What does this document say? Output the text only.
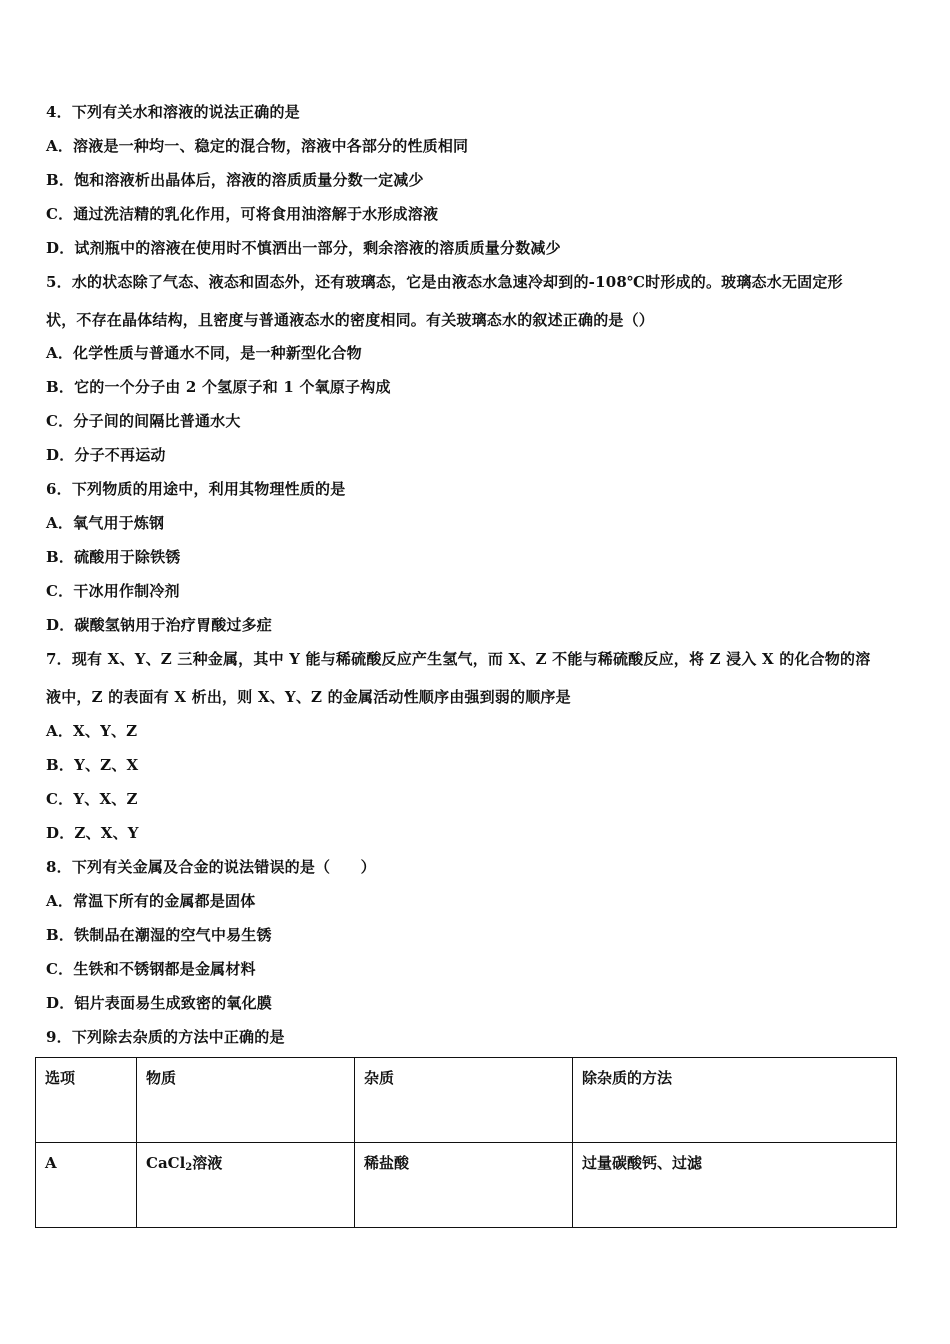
4．下列有关水和溶液的说法正确的是
A．溶液是一种均一、稳定的混合物，溶液中各部分的性质相同
B．饱和溶液析出晶体后，溶液的溶质质量分数一定减少
C．通过洗洁精的乳化作用，可将食用油溶解于水形成溶液
D．试剂瓶中的溶液在使用时不慎洒出一部分，剩余溶液的溶质质量分数减少
5．水的状态除了气态、液态和固态外，还有玻璃态，它是由液态水急速冷却到的-108℃时形成的。玻璃态水无固定形
状，不存在晶体结构，且密度与普通液态水的密度相同。有关玻璃态水的叙述正确的是（）
A．化学性质与普通水不同，是一种新型化合物
B．它的一个分子由 2 个氢原子和 1 个氧原子构成
C．分子间的间隔比普通水大
D．分子不再运动
6．下列物质的用途中，利用其物理性质的是
A．氧气用于炼钢
B．硫酸用于除铁锈
C．干冰用作制冷剂
D．碳酸氢钠用于治疗胃酸过多症
7．现有 X、Y、Z 三种金属，其中 Y 能与稀硫酸反应产生氢气，而 X、Z 不能与稀硫酸反应，将 Z 浸入 X 的化合物的溶
液中，Z 的表面有 X 析出，则 X、Y、Z 的金属活动性顺序由强到弱的顺序是
A．X、Y、Z
B．Y、Z、X
C．Y、X、Z
D．Z、X、Y
8．下列有关金属及合金的说法错误的是（　　）
A．常温下所有的金属都是固体
B．铁制品在潮湿的空气中易生锈
C．生铁和不锈钢都是金属材料
D．铝片表面易生成致密的氧化膜
9．下列除去杂质的方法中正确的是
选项	物质	杂质	除杂质的方法
A	CaCl$_2$溶液	稀盐酸	过量碳酸钙、过滤
